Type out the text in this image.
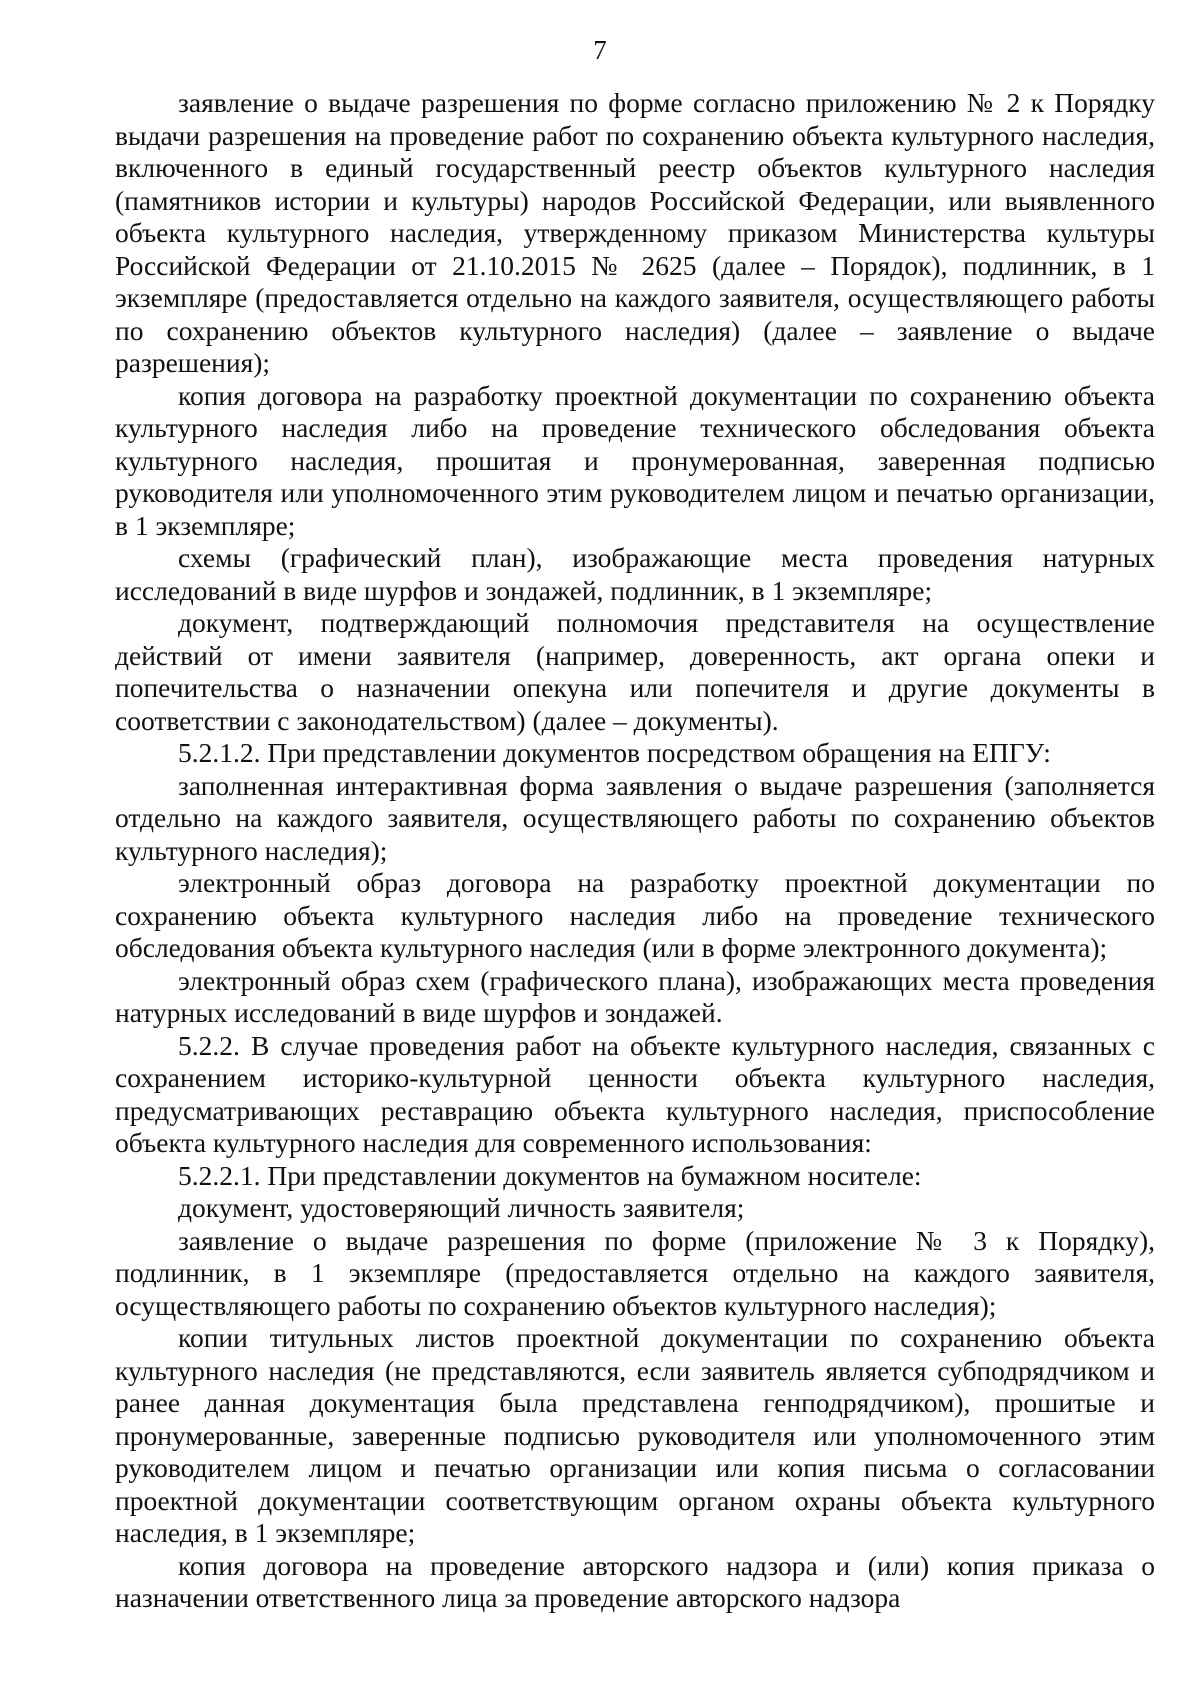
7

заявление о выдаче разрешения по форме согласно приложению № 2 к Порядку выдачи разрешения на проведение работ по сохранению объекта культурного наследия, включенного в единый государственный реестр объектов культурного наследия (памятников истории и культуры) народов Российской Федерации, или выявленного объекта культурного наследия, утвержденному приказом Министерства культуры Российской Федерации от 21.10.2015 № 2625 (далее – Порядок), подлинник, в 1 экземпляре (предоставляется отдельно на каждого заявителя, осуществляющего работы по сохранению объектов культурного наследия) (далее – заявление о выдаче разрешения);

копия договора на разработку проектной документации по сохранению объекта культурного наследия либо на проведение технического обследования объекта культурного наследия, прошитая и пронумерованная, заверенная подписью руководителя или уполномоченного этим руководителем лицом и печатью организации, в 1 экземпляре;

схемы (графический план), изображающие места проведения натурных исследований в виде шурфов и зондажей, подлинник, в 1 экземпляре;

документ, подтверждающий полномочия представителя на осуществление действий от имени заявителя (например, доверенность, акт органа опеки и попечительства о назначении опекуна или попечителя и другие документы в соответствии с законодательством) (далее – документы).

5.2.1.2. При представлении документов посредством обращения на ЕПГУ:

заполненная интерактивная форма заявления о выдаче разрешения (заполняется отдельно на каждого заявителя, осуществляющего работы по сохранению объектов культурного наследия);

электронный образ договора на разработку проектной документации по сохранению объекта культурного наследия либо на проведение технического обследования объекта культурного наследия (или в форме электронного документа);

электронный образ схем (графического плана), изображающих места проведения натурных исследований в виде шурфов и зондажей.

5.2.2. В случае проведения работ на объекте культурного наследия, связанных с сохранением историко-культурной ценности объекта культурного наследия, предусматривающих реставрацию объекта культурного наследия, приспособление объекта культурного наследия для современного использования:

5.2.2.1. При представлении документов на бумажном носителе:

документ, удостоверяющий личность заявителя;

заявление о выдаче разрешения по форме (приложение № 3 к Порядку), подлинник, в 1 экземпляре (предоставляется отдельно на каждого заявителя, осуществляющего работы по сохранению объектов культурного наследия);

копии титульных листов проектной документации по сохранению объекта культурного наследия (не представляются, если заявитель является субподрядчиком и ранее данная документация была представлена генподрядчиком), прошитые и пронумерованные, заверенные подписью руководителя или уполномоченного этим руководителем лицом и печатью организации или копия письма о согласовании проектной документации соответствующим органом охраны объекта культурного наследия, в 1 экземпляре;

копия договора на проведение авторского надзора и (или) копия приказа о назначении ответственного лица за проведение авторского надзора
